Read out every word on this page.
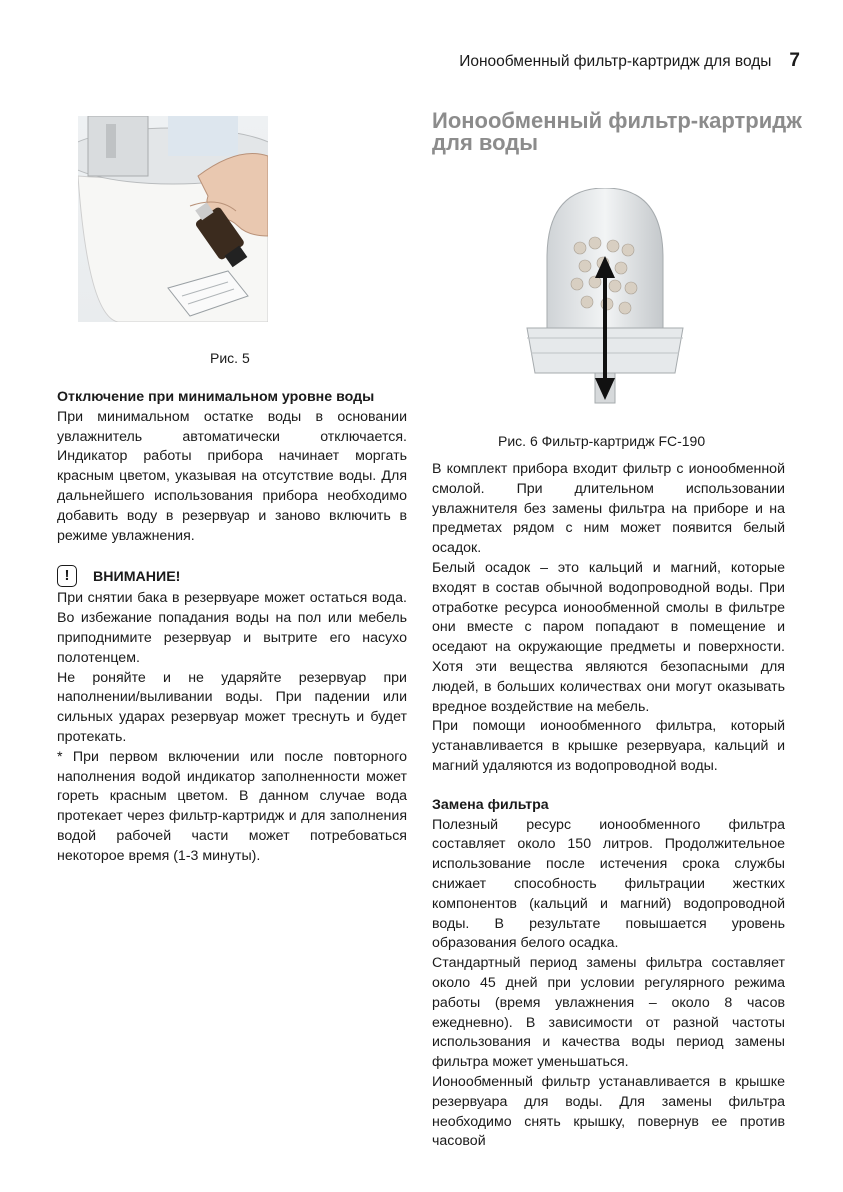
Ионообменный фильтр-картридж для воды 7
Рис. 5
Ионообменный фильтр-картридж для воды
Рис. 6 Фильтр-картридж FC-190
Отключение при минимальном уровне воды

При минимальном остатке воды в основании увлажнитель автоматически отключается. Индикатор работы прибора начинает моргать красным цветом, указывая на отсутствие воды. Для дальнейшего использования прибора необходимо добавить воду в резервуар и заново включить в режиме увлажнения.

!	ВНИМАНИЕ!

При снятии бака в резервуаре может остаться вода. Во избежание попадания воды на пол или мебель приподнимите резервуар и вытрите его насухо полотенцем.

Не роняйте и не ударяйте резервуар при наполнении/выливании воды. При падении или сильных ударах резервуар может треснуть и будет протекать.

* При первом включении или после повторного наполнения водой индикатор заполненности может гореть красным цветом. В данном случае вода протекает через фильтр-картридж и для заполнения водой рабочей части может потребоваться некоторое время (1-3 минуты).

В комплект прибора входит фильтр с ионообменной смолой. При длительном использовании увлажнителя без замены фильтра на приборе и на предметах рядом с ним может появится белый осадок.

Белый осадок – это кальций и магний, которые входят в состав обычной водопроводной воды. При отработке ресурса ионообменной смолы в фильтре они вместе с паром попадают в помещение и оседают на окружающие предметы и поверхности. Хотя эти вещества являются безопасными для людей, в больших количествах они могут оказывать вредное воздействие на мебель.

При помощи ионообменного фильтра, который устанавливается в крышке резервуара, кальций и магний удаляются из водопроводной воды.

Замена фильтра

Полезный ресурс ионообменного фильтра составляет около 150 литров. Продолжительное использование после истечения срока службы снижает способность фильтрации жестких компонентов (кальций и магний) водопроводной воды. В результате повышается уровень образования белого осадка.

Стандартный период замены фильтра составляет около 45 дней при условии регулярного режима работы (время увлажнения – около 8 часов ежедневно). В зависимости от разной частоты использования и качества воды период замены фильтра может уменьшаться.

Ионообменный фильтр устанавливается в крышке резервуара для воды. Для замены фильтра необходимо снять крышку, повернув ее против часовой
